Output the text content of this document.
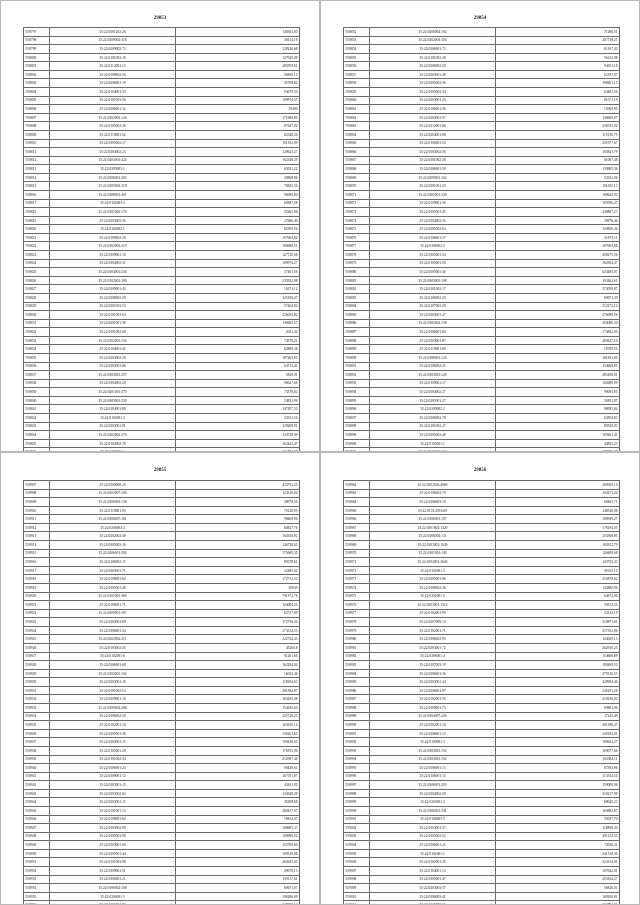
29853
558797	35:22:0301202:26	140303,05
558798	35:22:0309002:318	30414,16
558799	35:22:0209002:72	128220,68
558800	35:22:0101002:18	127029,09
558801	35:22:0112002:13	285599,61
558802	35:22:0109002:56	56850,10
558803	35:22:0206001:19	45708,84
558804	35:22:0104001:33	94679,33
558805	35:22:0101003:56	109974,27
558806	35:22:0206001:32	59490
558807	35:22:0302002:126	171698,89
558808	35:22:0105002:36	87647,82
558809	35:22:0110003:52	82348,34
558810	35:22:0305002:17	101353,99
558811	35:22:0204002:23	129623,27
558812	35:22:0203001:424	162348,29
558813	35:22:0305003:1	65031,22
558814	35:22:0306001:303	20868,86
558815	35:22:0205002:318	78825,56
558816	35:22:0308001:401	96690,80
558817	35:22:0102003:3	60887,58
558818	35:22:0101002:176	55265,88
558819	35:22:0203005:35	37666,49
558820	35:22:0104002:1	65309,56
558821	35:22:0109002:39	157062,02
558822	35:22:0102002:210	108698,51
558823	35:22:0309001:10	127720,68
558824	35:22:0304002:31	109974,27
558825	35:22:0104001:234	57461,56
558826	35:22:0102001:390	235922,08
558827	35:22:0309001:43	16271,12
558828	35:22:0308003:39	125196,47
558829	35:22:0301003:53	57464,84
558830	35:22:0101003:63	226055,82
558831	35:22:0201001:38	140665,57
558832	35:22:0301002:68	2041,42
558833	35:22:0102001:154	74576,21
558834	35:22:0104001:41	62889,38
558835	35:22:0203002:39	187265,83
558836	35:22:0303001:86	64712,41
558837	35:22:0303001:297	5828,91
558838	35:22:0304002:20	96627,66
558839	35:22:0201001:370	73378,82
558840	35:22:0305001:239	24821,96
558841	35:22:0104001:88	147207,53
558842	35:22:0104001:3	23521,56
558843	35:22:0303001:91	129209,91
558844	35:22:0202002:370	134738,99
558845	35:22:0104002:78	162441,47

29854
558852	35:22:0206004:192	71286,51
558853	35:22:0302003:104	207738,21
558854	35:22:0306001:72	81167,43
558855	35:22:0101002:38	56143,98
558856	35:22:0206002:50	94011,18
558857	35:22:0203001:48	62197,07
558858	35:22:0305002:36	198461,15
558859	35:22:0305002:34	64481,56
558860	35:22:0203001:23	81071,19
558861	35:22:0106001:36	15065,95
558862	35:22:0203001:97	138609,07
558863	35:22:0312001:66	236535,92
558864	35:22:0204001:86	115130,79
558865	35:22:0106001:54	251077,67
558866	35:22:0303002:56	105821,79
558867	35:22:0301002:38	81067,48
558868	35:22:0306001:59	139805,36
558869	35:22:0209001:162	52541,96
558870	35:22:0301001:33	101655,13
558871	35:22:0305001:320	108620,93
558872	35:22:0109001:30	105956,27
558873	35:22:0305001:45	240867,27
558874	35:22:0304002:35	39876,46
558875	35:22:0205002:64	104856,46
558876	35:22:0106001:57	41675,11
558877	35:22:0306002:5	207062,98
558878	35:22:0305001:33	208275,56
558879	35:22:0105001:56	162504,47
558880	35:22:0305001:40	623485,07
558881	35:22:0303001:198	193462,61
558882	35:22:0101002:17	374058,87
558883	35:22:0106002:23	80971,39
558884	35:22:0107002:28	212272,14
558885	35:22:0303001:27	276099,56
558886	35:22:0105002:138	294066,30
558887	35:22:0306001:84	174832,05
558888	35:22:0303001:87	283627,10
558889	35:22:0110001:69	18799,53
558890	35:22:0108001:123	101831,89
558891	35:22:0106002:21	134669,85
558892	35:22:0303001:129	285498,81
558893	35:22:0109001:17	102689,99
558894	35:22:0304002:27	99083,85
558895	35:22:0305001:27	56811,87
558896	35:22:0309002:2	98093,84
558897	35:22:0306002:78	63854,83
558898	35:22:0101002:27	80520,03
558899	35:22:0305002:40	109261,41
558900	35:22:0105001:1	44855,23

29855
558907	35:22:0309008:25	423792,25
558908	35:22:0202007:100	124318,04
558909	35:22:0306003:136	28078,56
558910	35:22:0110001:93	70128,95
558911	35:22:0306007:161	98469,94
558912	35:22:0206003:3	60827,76
558913	35:22:0202002:48	164356,92
558914	35:22:0305002:16	146738,65
558915	35:22:0206001:304	175609,35
558916	35:22:0106002:15	89378,61
558917	35:22:0303001:71	22485,62
558918	35:22:0108001:62	172712,53
558919	35:22:0305001:40	30039
558920	35:22:0101001:369	791372,76
558921	35:22:0108001:71	104084,23
558922	35:22:0309001:167	62737,89
558923	35:22:0303001:89	172756,04
558924	35:22:0306001:24	273314,53
558925	35:22:0202002:211	122734,43
558926	35:22:0103002:45	45260,8
558927	35:22:0102001:6	91201,66
558928	35:22:0306001:68	162294,04
558929	35:22:0102001:102	16023,46
558930	35:22:0203001:18	118294,63
558931	35:22:0101002:53	261594,87
558932	35:22:0309001:10	163255,08
558933	35:22:0309002:286	154630,63
558934	35:22:0306002:30	225720,23
558935	35:22:0102001:10	103610,12
558936	35:22:0305001:38	136261,63
558937	35:22:0303001:15	109438,63
558938	35:22:0105001:28	176193,94
558939	35:22:0101002:34	212997,40
558940	35:22:0306001:24	90438,61
558941	35:22:0309001:12	167011,87
558942	35:22:0303001:15	43611,85
558943	35:22:0303002:82	133638,29
558944	35:22:0203001:15	45298,68
558945	35:22:0101001:13	280417,07
558946	35:22:0108001:62	18814,07
558947	35:22:0303002:90	108605,37
558948	35:22:0305001:98	100998,02
558949	35:22:0303001:60	152780,69
558950	35:22:0305001:44	109319,88
558951	35:22:0101003:98	262625,03
558952	35:22:0309001:51	29070,13
558953	35:22:0306001:21	159117,61
558954	35:22:0106002:168	60671,87
558955	35:22:0206001:5	196296,09

29856
558962	35:22:0302026:4869	209309,19
558963	35:22:0106002:70	104271,24
558964	35:22:0306003:10	68465,71
558965	35:22:0101:2016:69	148540,08
558966	35:22:0106001:107	100939,27
558967	35:22:0101002:1320	178194,05
558968	35:22:0106004:131	253506,85
558969	35:22:0101001:1649	102912,79
558970	35:22:0101001:140	126408,68
558971	35:22:0102001:2626	143753,43
558972	35:22:0102001:3	91025,10
558973	35:22:0305001:96	216879,62
558974	35:22:0308002:36	143800,96
558975	35:22:0202001:5	64672,00
558976	35:22:0303001:1314	59513,53
558977	35:22:0102001:95	24132,19
558978	35:22:0207009:14	218871,81
558979	35:22:0102001:71	257353,86
558980	35:22:0306002:93	124029,13
558981	35:22:0203001:72	262910,25
558982	35:22:0306001:4	154666,89
558983	35:22:0107003:19	190469,53
558984	35:22:0306001:36	279136,53
558985	35:22:0303001:34	428902,46
558986	35:22:0206001:97	246181,26
558987	35:22:0102001:55	218256,03
558988	35:22:0309001:73	69801,06
558989	35:22:0304007:226	37243,49
558990	35:22:0302001:10	301398,47
558991	35:22:0306001:13	240184,01
558992	35:22:0109001:3	109654,27
558993	35:22:0303001:154	109077,66
558994	35:22:0303001:102	102384,11
558995	35:22:0306001:13	67593,96
558996	35:22:0106001:13	113554,54
558997	35:22:0306001:205	159008,96
558998	35:22:0304002:50	210217,99
558999	35:22:0203001:3	68045,23
559000	35:22:0106001:341	163683,87
559001	35:22:0108003:5	55057,70
559002	35:22:0303001:37	118858,30
559003	35:22:0305002:52	291123,53
559004	35:22:0306001:25	72036,31
559005	35:22:0101001:1	241510,36
559006	35:22:0102001:35	324134,01
559007	35:22:0104001:13	107042,01
559008	35:22:0305001:47	203164,27
559009	35:22:0203003:57	56826,01
559010	35:22:0306003:41	169100,81
